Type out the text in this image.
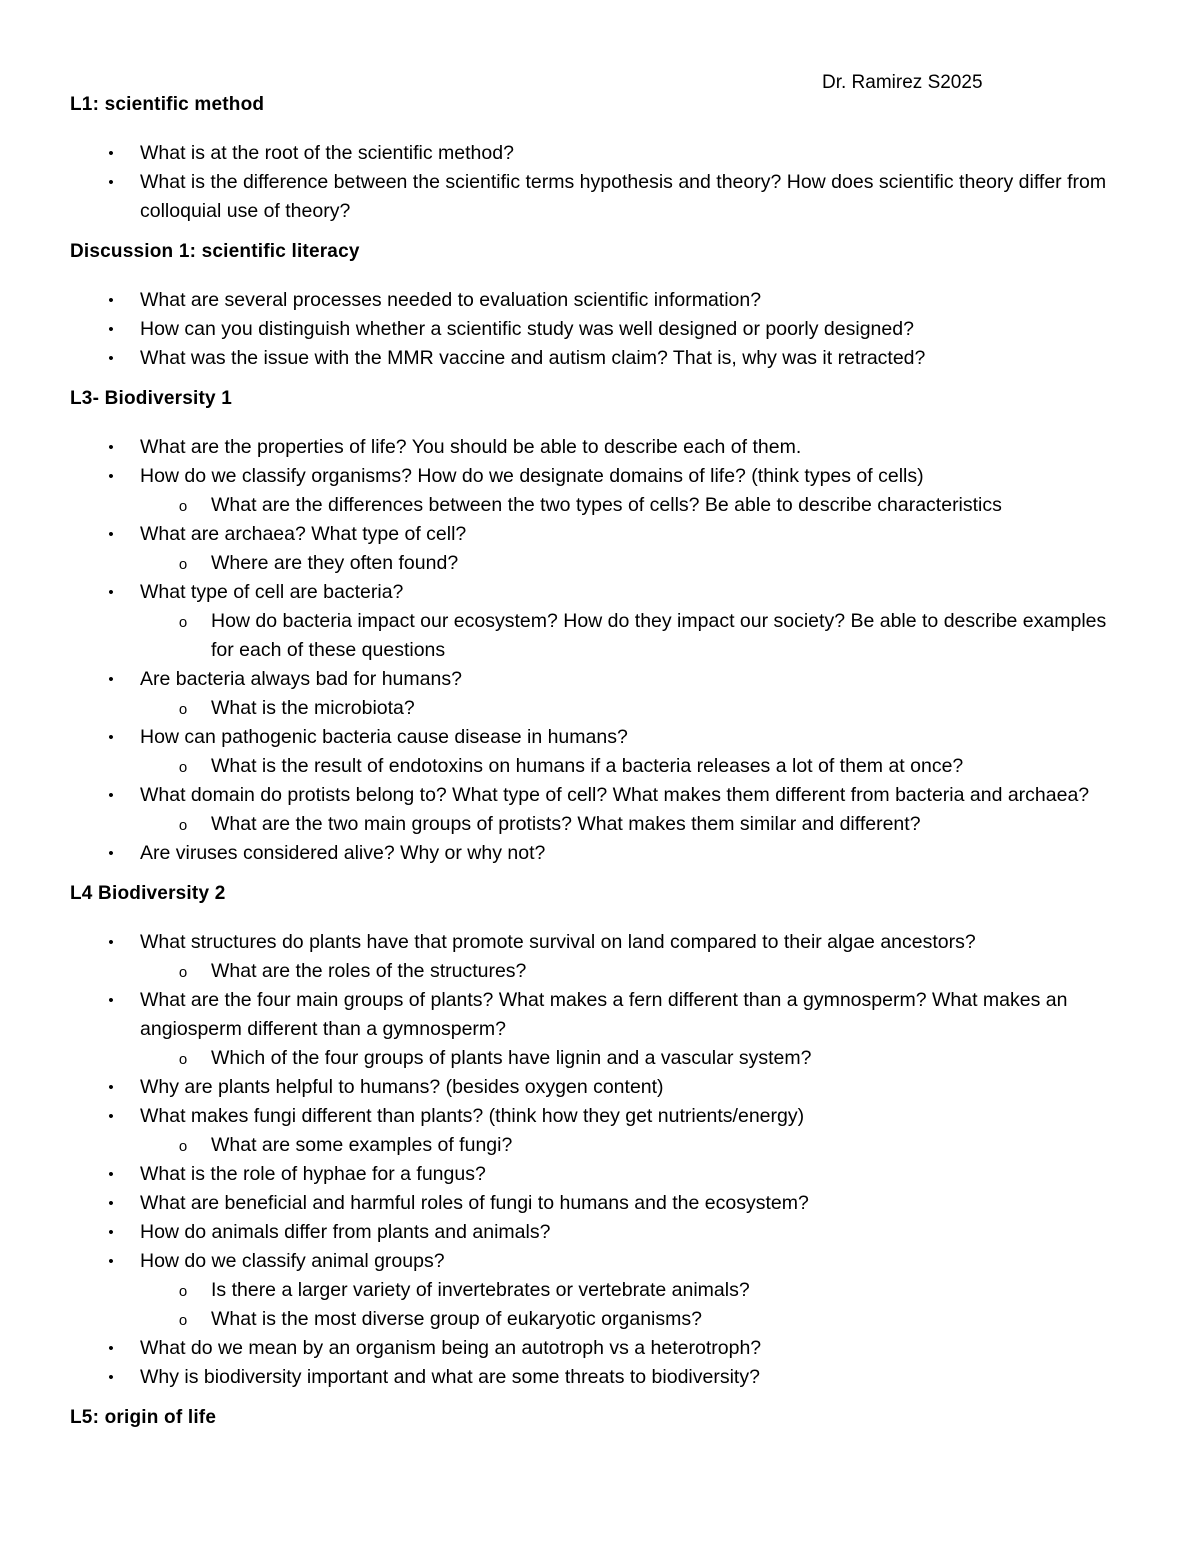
Dr. Ramirez S2025
L1: scientific method
• What is at the root of the scientific method?
• What is the difference between the scientific terms hypothesis and theory? How does scientific theory differ from colloquial use of theory?
Discussion 1: scientific literacy
• What are several processes needed to evaluation scientific information?
• How can you distinguish whether a scientific study was well designed or poorly designed?
• What was the issue with the MMR vaccine and autism claim? That is, why was it retracted?
L3- Biodiversity 1
• What are the properties of life? You should be able to describe each of them.
• How do we classify organisms? How do we designate domains of life? (think types of cells)
o What are the differences between the two types of cells? Be able to describe characteristics
• What are archaea? What type of cell?
o Where are they often found?
• What type of cell are bacteria?
o How do bacteria impact our ecosystem? How do they impact our society? Be able to describe examples for each of these questions
• Are bacteria always bad for humans?
o What is the microbiota?
• How can pathogenic bacteria cause disease in humans?
o What is the result of endotoxins on humans if a bacteria releases a lot of them at once?
• What domain do protists belong to? What type of cell? What makes them different from bacteria and archaea?
o What are the two main groups of protists? What makes them similar and different?
• Are viruses considered alive? Why or why not?
L4 Biodiversity 2
• What structures do plants have that promote survival on land compared to their algae ancestors?
o What are the roles of the structures?
• What are the four main groups of plants? What makes a fern different than a gymnosperm? What makes an angiosperm different than a gymnosperm?
o Which of the four groups of plants have lignin and a vascular system?
• Why are plants helpful to humans? (besides oxygen content)
• What makes fungi different than plants? (think how they get nutrients/energy)
o What are some examples of fungi?
• What is the role of hyphae for a fungus?
• What are beneficial and harmful roles of fungi to humans and the ecosystem?
• How do animals differ from plants and animals?
• How do we classify animal groups?
o Is there a larger variety of invertebrates or vertebrate animals?
o What is the most diverse group of eukaryotic organisms?
• What do we mean by an organism being an autotroph vs a heterotroph?
• Why is biodiversity important and what are some threats to biodiversity?
L5: origin of life
